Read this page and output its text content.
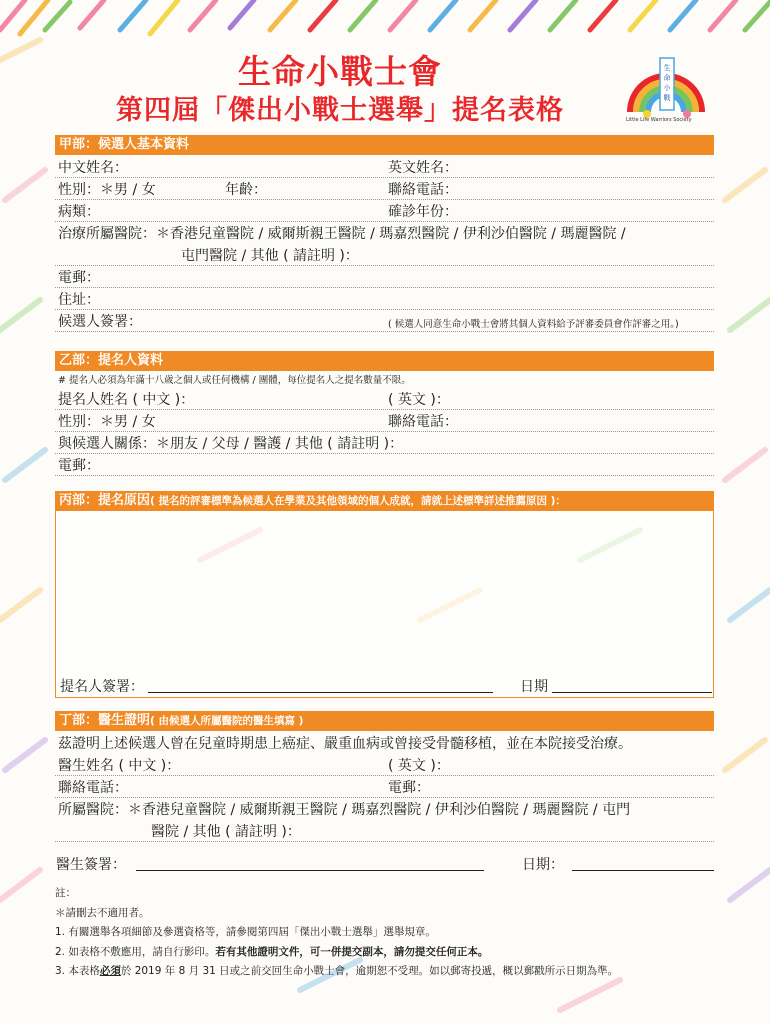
生命小戰士會
第四屆「傑出小戰士選舉」提名表格
生
命
小
戰
Little Life Warriors Society
甲部：候選人基本資料
中文姓名：	英文姓名：
性別：＊男 / 女	年齡：	聯絡電話：
病類：	確診年份：
治療所屬醫院：＊香港兒童醫院 / 威爾斯親王醫院 / 瑪嘉烈醫院 / 伊利沙伯醫院 / 瑪麗醫院 /
屯門醫院 / 其他 ( 請註明 )：
電郵：
住址：
候選人簽署：	( 候選人同意生命小戰士會將其個人資料給予評審委員會作評審之用。)
乙部：提名人資料
# 提名人必須為年滿十八歲之個人或任何機構 / 團體，每位提名人之提名數量不限。
提名人姓名 ( 中文 )：	( 英文 )：
性別：＊男 / 女	聯絡電話：
與候選人關係：＊朋友 / 父母 / 醫護 / 其他 ( 請註明 )：
電郵：
丙部：提名原因( 提名的評審標準為候選人在學業及其他領域的個人成就，請就上述標準詳述推薦原因 )：
提名人簽署：	日期
丁部：醫生證明( 由候選人所屬醫院的醫生填寫 )
茲證明上述候選人曾在兒童時期患上癌症、嚴重血病或曾接受骨髓移植，並在本院接受治療。
醫生姓名 ( 中文 )：	( 英文 )：
聯絡電話：	電郵：
所屬醫院：＊香港兒童醫院 / 威爾斯親王醫院 / 瑪嘉烈醫院 / 伊利沙伯醫院 / 瑪麗醫院 / 屯門
醫院 / 其他 ( 請註明 )：
醫生簽署：	日期：
註：
＊請刪去不適用者。
1. 有關選舉各項細節及參選資格等，請參閱第四屆「傑出小戰士選舉」選舉規章。
2. 如表格不敷應用，請自行影印。若有其他證明文件，可一併提交副本，請勿提交任何正本。
3. 本表格必須於 2019 年 8 月 31 日或之前交回生命小戰士會，逾期恕不受理。如以郵寄投遞，概以郵戳所示日期為準。
